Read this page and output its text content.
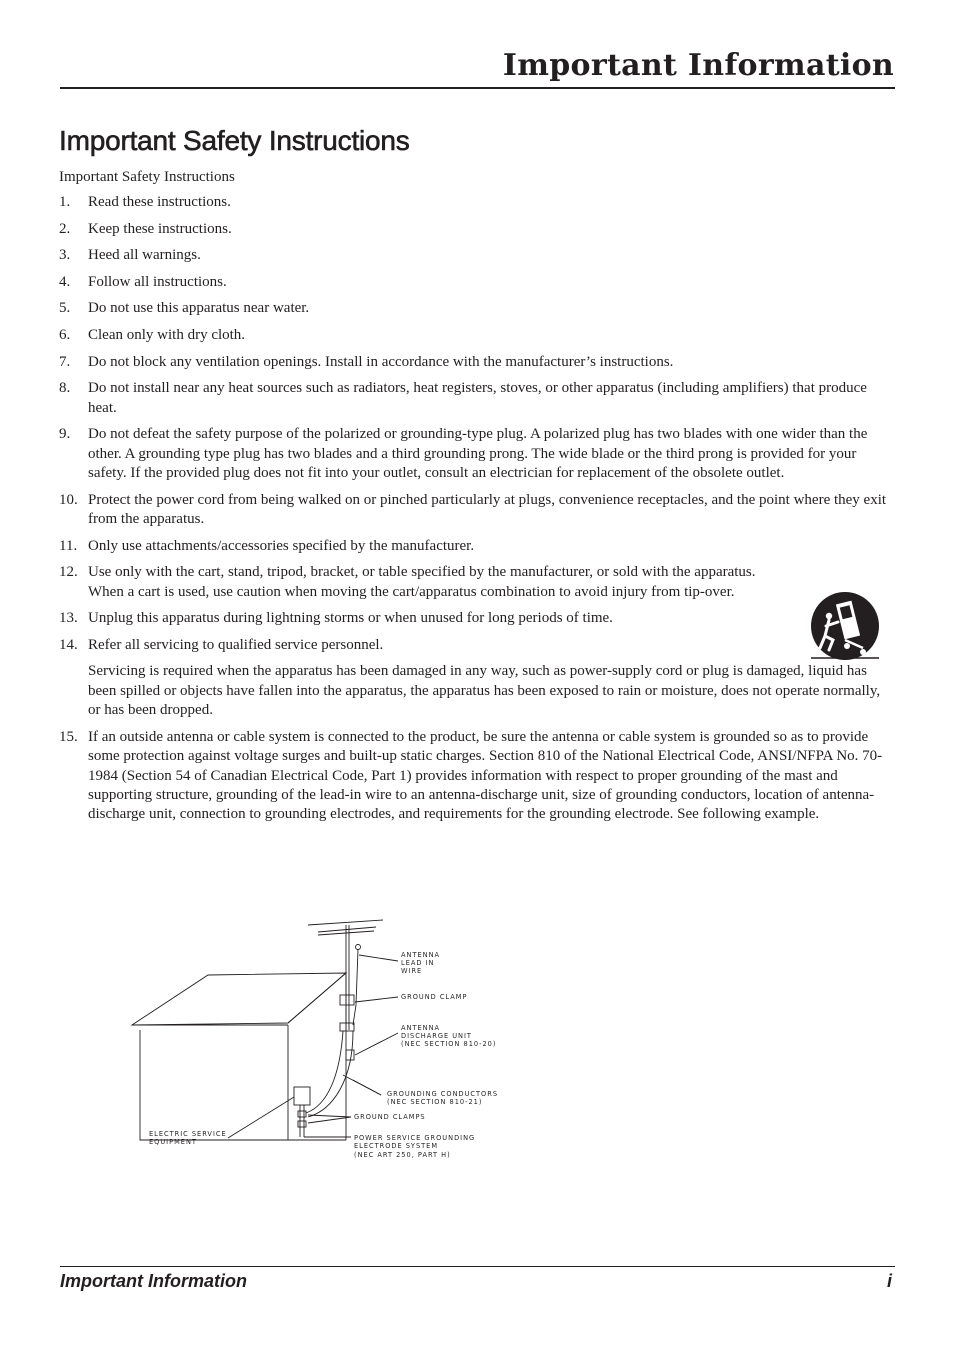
Important Information
Important Safety Instructions
Important Safety Instructions
1. Read these instructions.
2. Keep these instructions.
3. Heed all warnings.
4. Follow all instructions.
5. Do not use this apparatus near water.
6. Clean only with dry cloth.
7. Do not block any ventilation openings. Install in accordance with the manufacturer’s instructions.
8. Do not install near any heat sources such as radiators, heat registers, stoves, or other apparatus (including amplifiers) that produce heat.
9. Do not defeat the safety purpose of the polarized or grounding-type plug. A polarized plug has two blades with one wider than the other. A grounding type plug has two blades and a third grounding prong. The wide blade or the third prong is provided for your safety. If the provided plug does not fit into your outlet, consult an electrician for replacement of the obsolete outlet.
10. Protect the power cord from being walked on or pinched particularly at plugs, convenience receptacles, and the point where they exit from the apparatus.
11. Only use attachments/accessories specified by the manufacturer.
12. Use only with the cart, stand, tripod, bracket, or table specified by the manufacturer, or sold with the apparatus. When a cart is used, use caution when moving the cart/apparatus combination to avoid injury from tip-over.
13. Unplug this apparatus during lightning storms or when unused for long periods of time.
14. Refer all servicing to qualified service personnel.
Servicing is required when the apparatus has been damaged in any way, such as power-supply cord or plug is damaged, liquid has been spilled or objects have fallen into the apparatus, the apparatus has been exposed to rain or moisture, does not operate normally, or has been dropped.
15. If an outside antenna or cable system is connected to the product, be sure the antenna or cable system is grounded so as to provide some protection against voltage surges and built-up static charges. Section 810 of the National Electrical Code, ANSI/NFPA No. 70-1984 (Section 54 of Canadian Electrical Code, Part 1) provides information with respect to proper grounding of the mast and supporting structure, grounding of the lead-in wire to an antenna-discharge unit, size of grounding conductors, location of antenna-discharge unit, connection to grounding electrodes, and requirements for the grounding electrode. See following example.
ANTENNA LEAD IN WIRE
GROUND CLAMP
ANTENNA DISCHARGE UNIT (NEC SECTION 810-20)
GROUNDING CONDUCTORS (NEC SECTION 810-21)
GROUND CLAMPS
ELECTRIC SERVICE EQUIPMENT	POWER SERVICE GROUNDING ELECTRODE SYSTEM (NEC ART 250, PART H)
Important Information	i
